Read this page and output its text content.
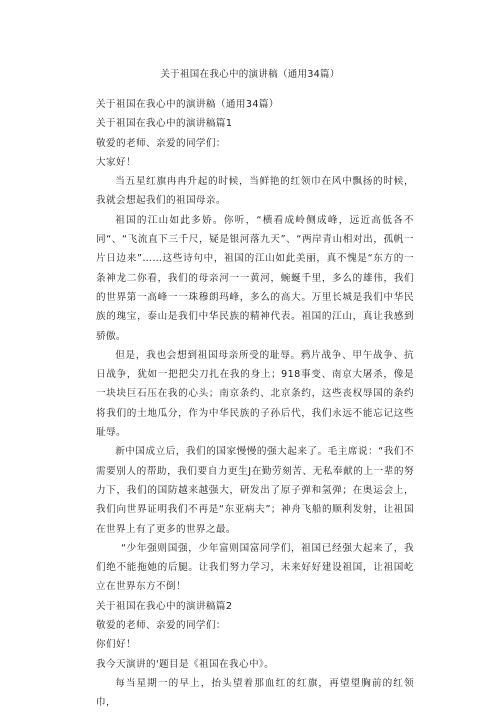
关于祖国在我心中的演讲稿（通用34篇）

关于祖国在我心中的演讲稿（通用34篇）

关于祖国在我心中的演讲稿篇1

敬爱的老师、亲爱的同学们：

大家好！

当五星红旗冉冉升起的时候，当鲜艳的红领巾在风中飘扬的时候，我就会想起我们的祖国母亲。

祖国的江山如此多娇。你听，“横看成岭侧成峰，远近高低各不同“、“飞流直下三千尺，疑是银河落九天”、“两岸青山相对出，孤帆一片日边来”……这些诗句中，祖国的江山如此美丽，真不愧是“东方的一条神龙二你看，我们的母亲河一一黄河，蜿蜒千里，多么的雄伟，我们的世界第一高峰一一珠穆朗玛峰，多么的高大。万里长城是我们中华民族的瑰宝，泰山是我们中华民族的精神代表。祖国的江山，真让我感到骄傲。

但是，我也会想到祖国母亲所受的耻辱。鸦片战争、甲午战争、抗日战争，犹如一把把尖刀扎在我的身上；918事变、南京大屠杀，像是一块块巨石压在我的心头；南京条约、北京条约，这些丧权辱国的条约将我们的土地瓜分，作为中华民族的子孙后代，我们永远不能忘记这些耻辱。

新中国成立后，我们的国家慢慢的强大起来了。毛主席说：“我们不需要别人的帮助，我们要自力更生J在勤劳刻苦、无私奉献的上一辈的努力下，我们的国防越来越强大，研发出了原子弹和氢弹；在奥运会上，我们向世界证明我们不再是“东亚病夫”；神舟飞船的顺利发射，让祖国在世界上有了更多的世界之最。

“少年强则国强，少年富则国富同学们，祖国已经强大起来了，我们绝不能拖她的后腿。让我们努力学习，未来好好建设祖国，让祖国屹立在世界东方不倒！

关于祖国在我心中的演讲稿篇2

敬爱的老师、亲爱的同学们：

你们好！

我今天演讲的'题目是《祖国在我心中》。

每当星期一的早上，抬头望着那血红的红旗，再望望胸前的红领巾，
